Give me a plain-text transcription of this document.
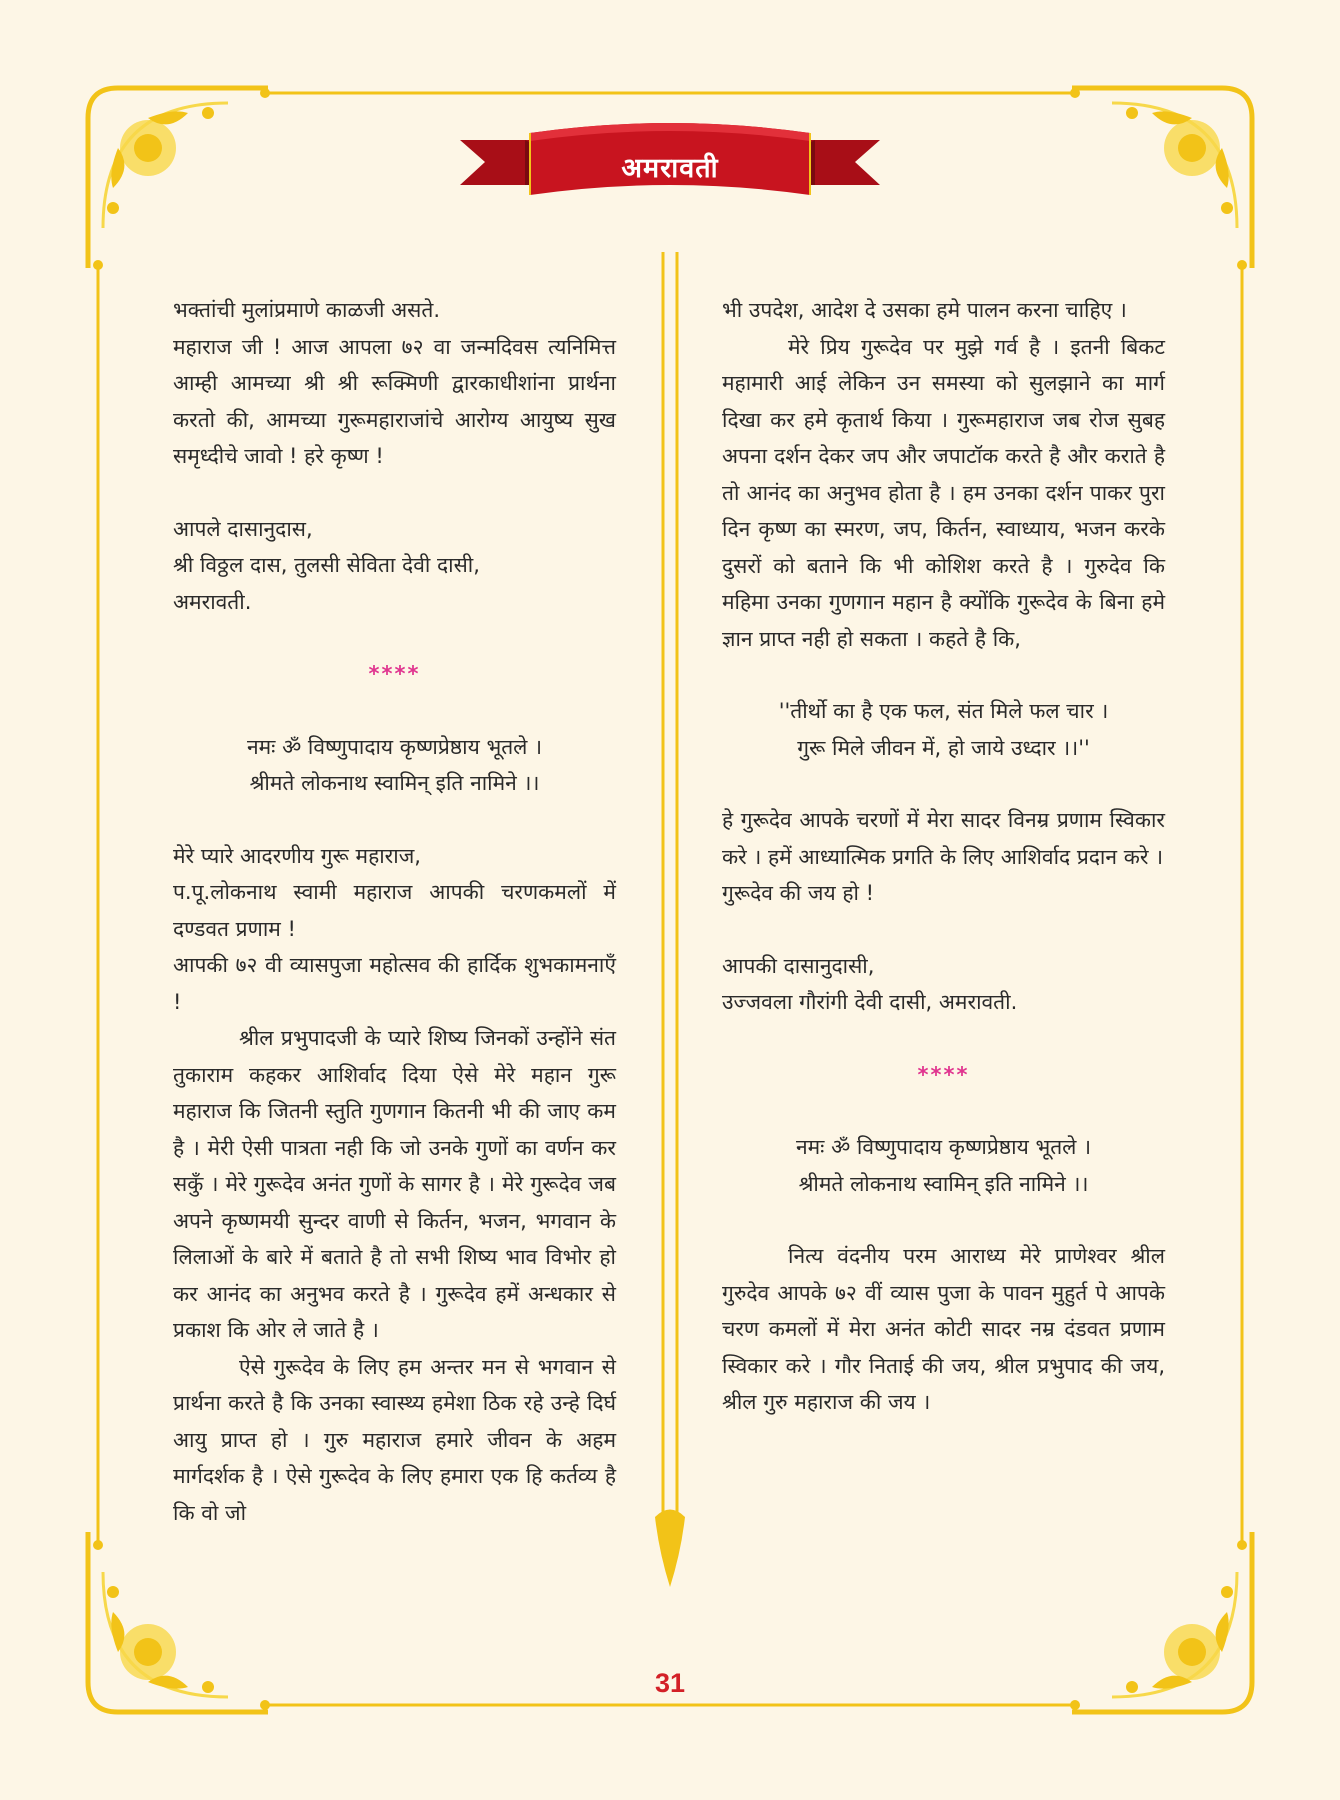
अमरावती

भक्तांची मुलांप्रमाणे काळजी असते.

महाराज जी ! आज आपला ७२ वा जन्मदिवस त्यनिमित्त आम्ही आमच्या श्री श्री रूक्मिणी द्वारकाधीशांना प्रार्थना करतो की, आमच्या गुरूमहाराजांचे आरोग्य आयुष्य सुख समृध्दीचे जावो ! हरे कृष्ण !

आपले दासानुदास,

श्री विठ्ठल दास, तुलसी सेविता देवी दासी,

अमरावती.

****

नमः ॐ विष्णुपादाय कृष्णप्रेष्ठाय भूतले ।

श्रीमते लोकनाथ स्वामिन् इति नामिने ।।

मेरे प्यारे आदरणीय गुरू महाराज,

प.पू.लोकनाथ स्वामी महाराज आपकी चरणकमलों में दण्डवत प्रणाम !

आपकी ७२ वी व्यासपुजा महोत्सव की हार्दिक शुभकामनाएँ !

श्रील प्रभुपादजी के प्यारे शिष्य जिनकों उन्होंने संत तुकाराम कहकर आशिर्वाद दिया ऐसे मेरे महान गुरू महाराज कि जितनी स्तुति गुणगान कितनी भी की जाए कम है । मेरी ऐसी पात्रता नही कि जो उनके गुणों का वर्णन कर सकुँ । मेरे गुरूदेव अनंत गुणों के सागर है । मेरे गुरूदेव जब अपने कृष्णमयी सुन्दर वाणी से किर्तन, भजन, भगवान के लिलाओं के बारे में बताते है तो सभी शिष्य भाव विभोर हो कर आनंद का अनुभव करते है । गुरूदेव हमें अन्धकार से प्रकाश कि ओर ले जाते है ।

ऐसे गुरूदेव के लिए हम अन्तर मन से भगवान से प्रार्थना करते है कि उनका स्वास्थ्य हमेशा ठिक रहे उन्हे दिर्घ आयु प्राप्त हो । गुरु महाराज हमारे जीवन के अहम मार्गदर्शक है । ऐसे गुरूदेव के लिए हमारा एक हि कर्तव्य है कि वो जो

भी उपदेश, आदेश दे उसका हमे पालन करना चाहिए ।

मेरे प्रिय गुरूदेव पर मुझे गर्व है । इतनी बिकट महामारी आई लेकिन उन समस्या को सुलझाने का मार्ग दिखा कर हमे कृतार्थ किया । गुरूमहाराज जब रोज सुबह अपना दर्शन देकर जप और जपाटॉक करते है और कराते है तो आनंद का अनुभव होता है । हम उनका दर्शन पाकर पुरा दिन कृष्ण का स्मरण, जप, किर्तन, स्वाध्याय, भजन करके दुसरों को बताने कि भी कोशिश करते है । गुरुदेव कि महिमा उनका गुणगान महान है क्योंकि गुरूदेव के बिना हमे ज्ञान प्राप्त नही हो सकता । कहते है कि,

''तीर्थो का है एक फल, संत मिले फल चार ।

गुरू मिले जीवन में, हो जाये उध्दार ।।''

हे गुरूदेव आपके चरणों में मेरा सादर विनम्र प्रणाम स्विकार करे । हमें आध्यात्मिक प्रगति के लिए आशिर्वाद प्रदान करे ।

गुरूदेव की जय हो !

आपकी दासानुदासी,

उज्जवला गौरांगी देवी दासी, अमरावती.

****

नमः ॐ विष्णुपादाय कृष्णप्रेष्ठाय भूतले ।

श्रीमते लोकनाथ स्वामिन् इति नामिने ।।

नित्य वंदनीय परम आराध्य मेरे प्राणेश्वर श्रील गुरुदेव आपके ७२ वीं व्यास पुजा के पावन मुहुर्त पे आपके चरण कमलों में मेरा अनंत कोटी सादर नम्र दंडवत प्रणाम स्विकार करे । गौर निताई की जय, श्रील प्रभुपाद की जय, श्रील गुरु महाराज की जय ।

31
